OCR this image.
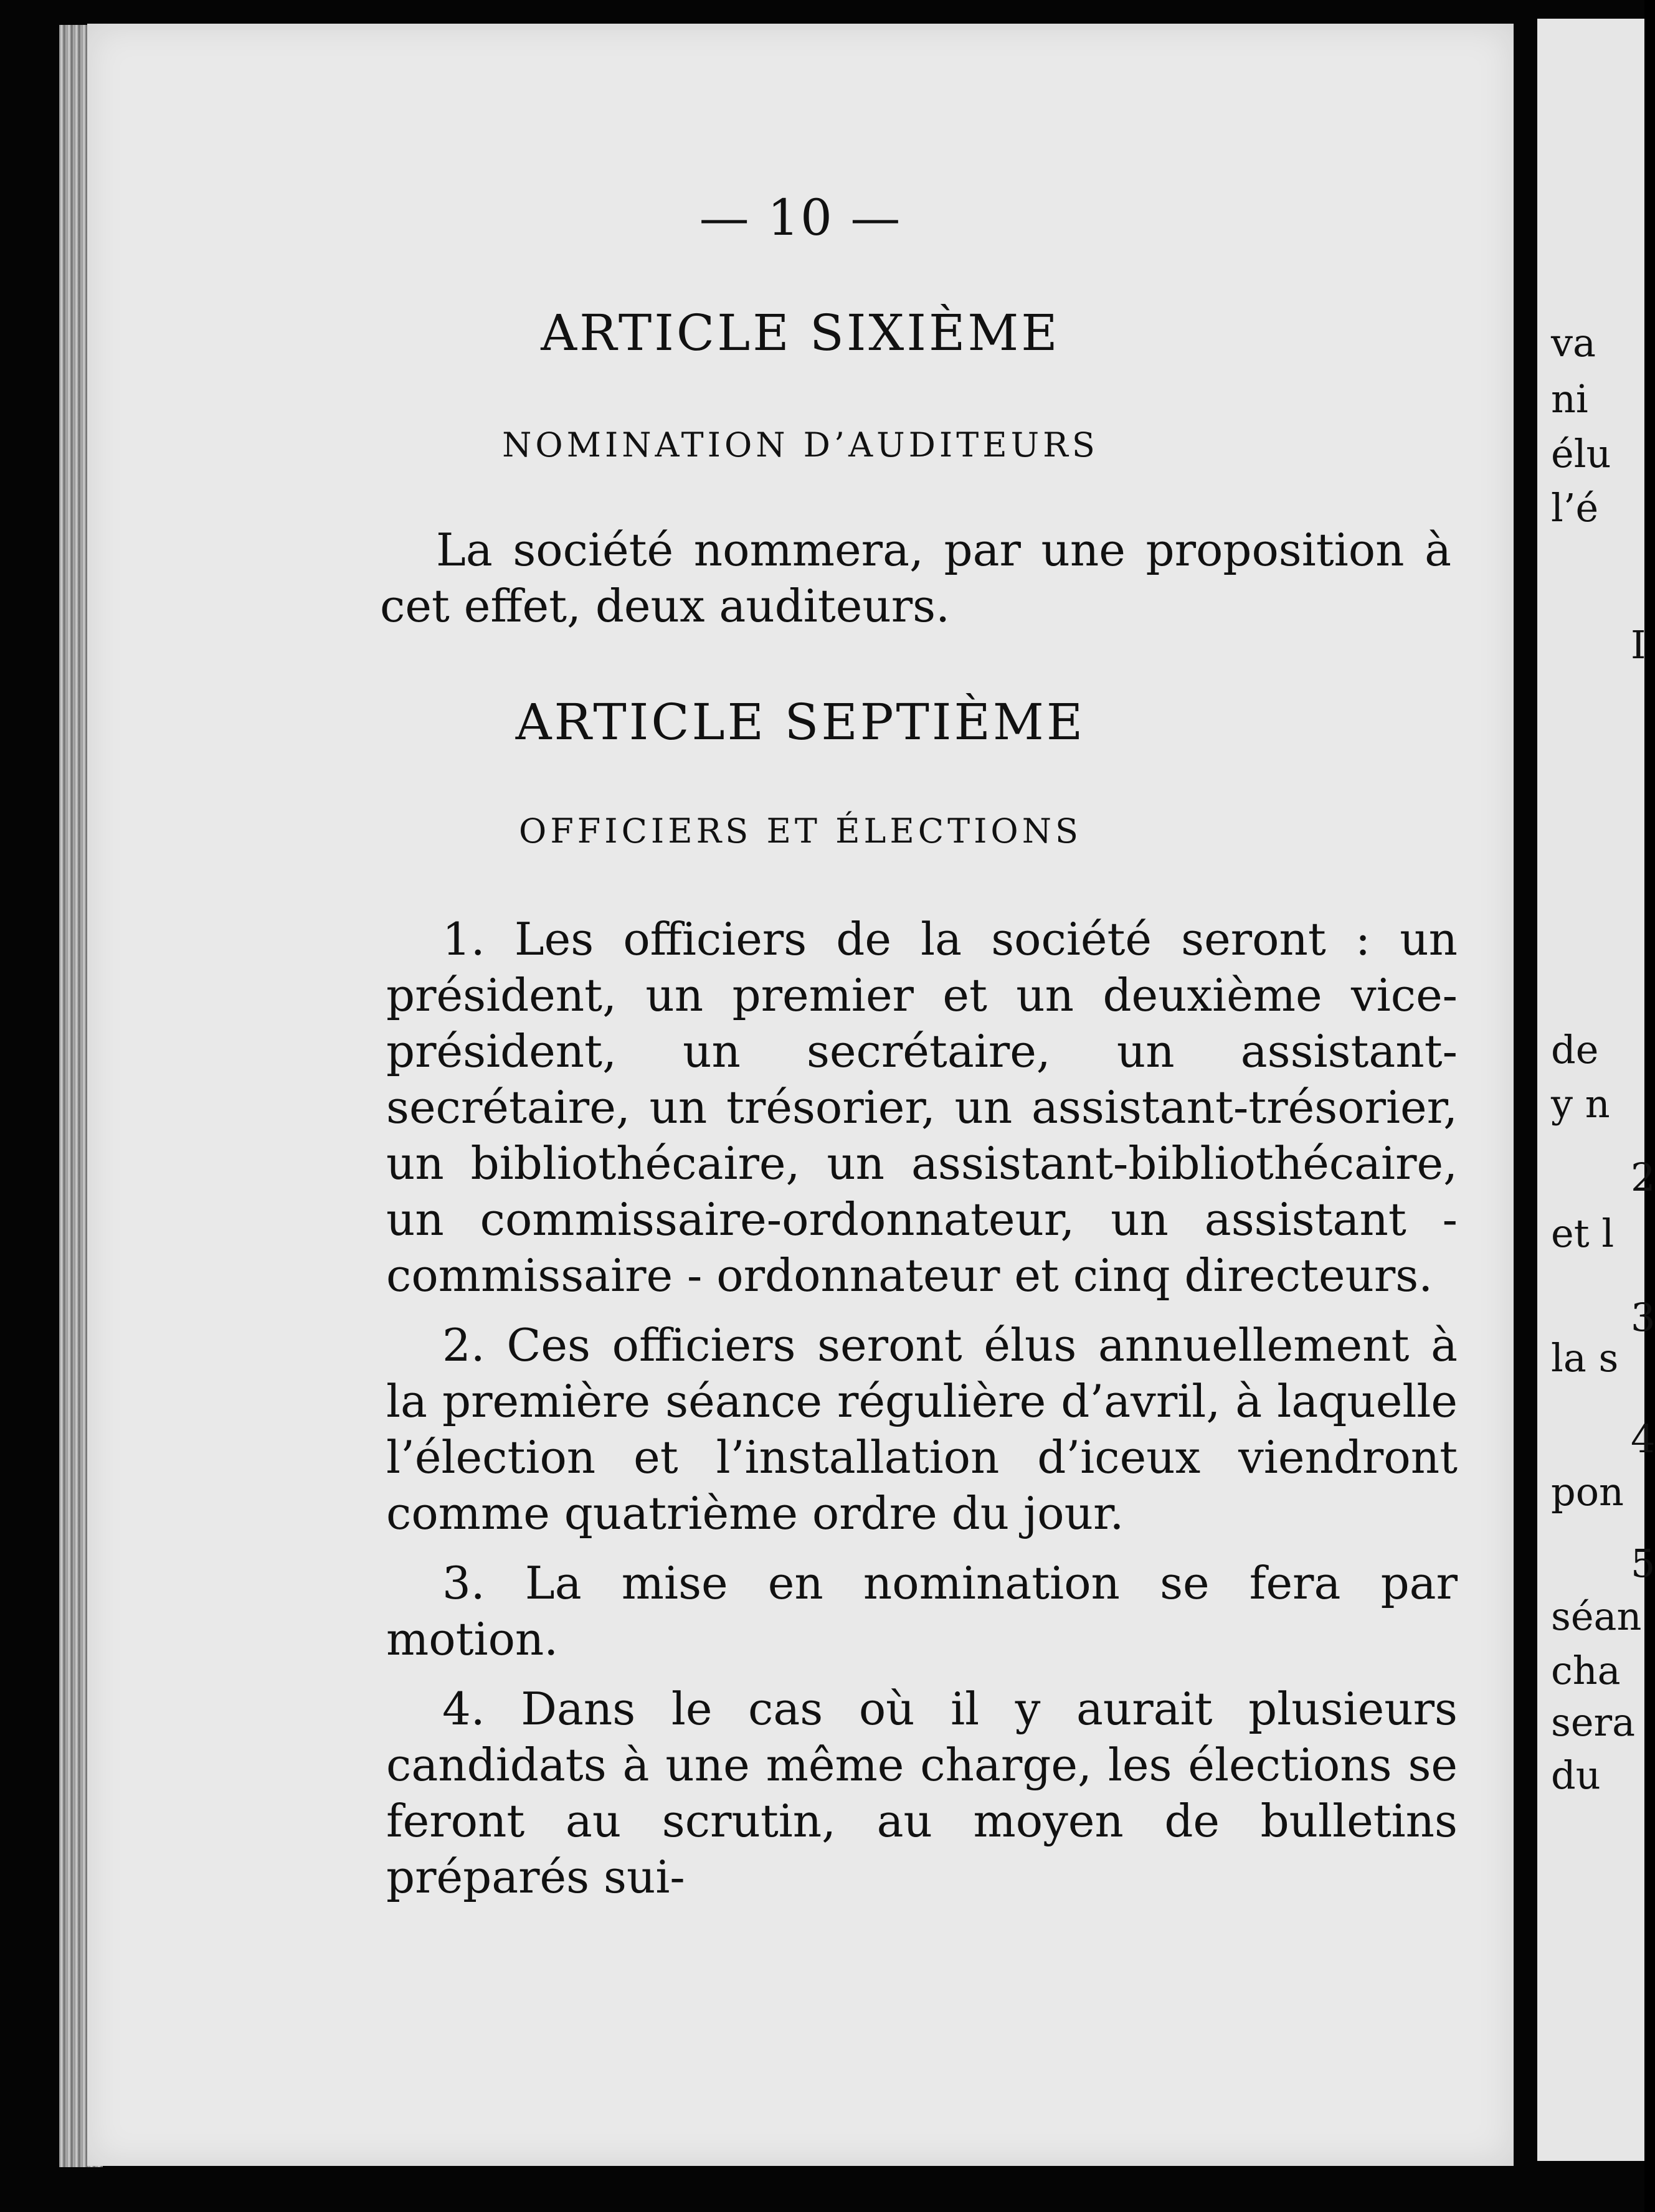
— 10 —
ARTICLE SIXIÈME
NOMINATION D’AUDITEURS

La société nommera, par une proposition à cet effet, deux auditeurs.

ARTICLE SEPTIÈME
OFFICIERS ET ÉLECTIONS

1. Les officiers de la société seront : un président, un premier et un deuxième vice-président, un secrétaire, un assistant-secrétaire, un trésorier, un assistant-trésorier, un bibliothécaire, un assistant-bibliothécaire, un commissaire-ordonnateur, un assistant - commissaire - ordonnateur et cinq directeurs.

2. Ces officiers seront élus annuellement à la première séance régulière d’avril, à laquelle l’élection et l’installation d’iceux viendront comme quatrième ordre du jour.

3. La mise en nomination se fera par motion.

4. Dans le cas où il y aurait plusieurs candidats à une même charge, les élections se feront au scrutin, au moyen de bulletins préparés sui-

va
ni
élu
l’é
I
de
y n
2
et l
3
la s
4
pon
5
séan
cha
sera
du
